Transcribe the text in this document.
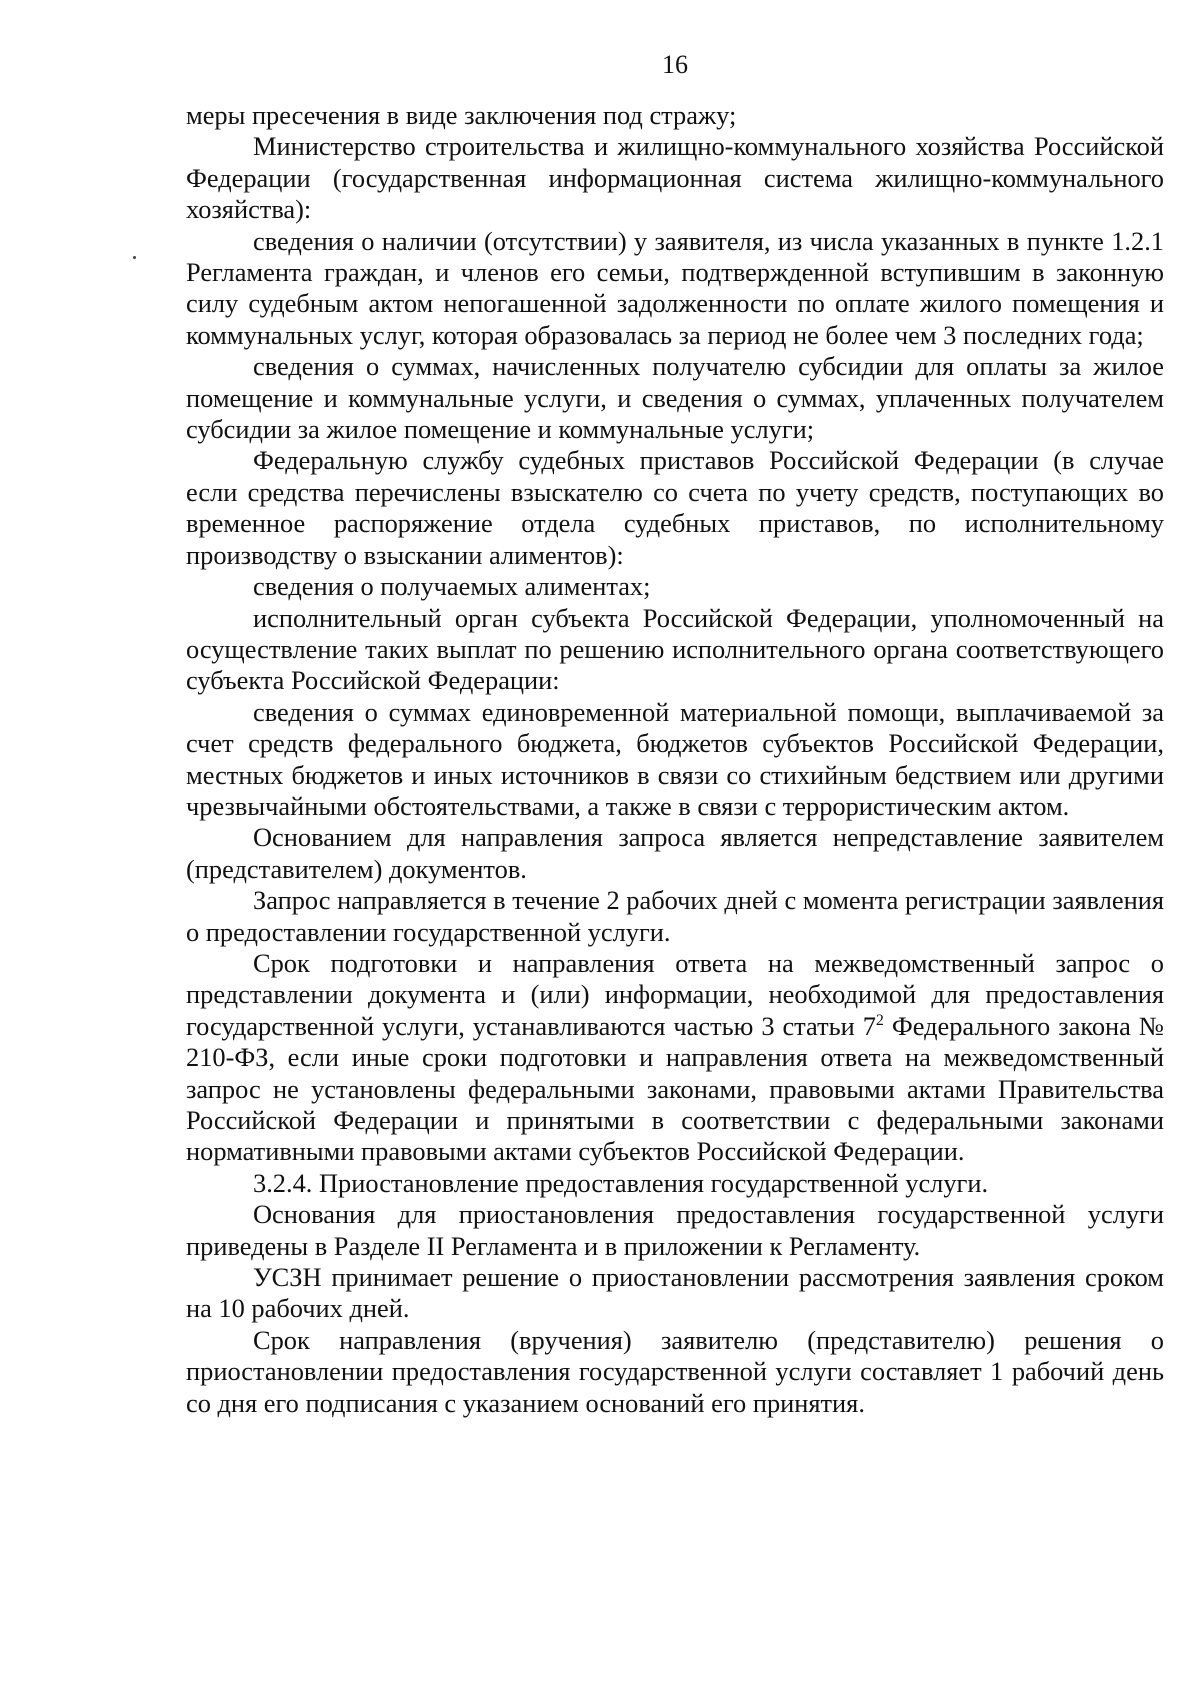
16

меры пресечения в виде заключения под стражу;

Министерство строительства и жилищно-коммунального хозяйства Российской Федерации (государственная информационная система жилищно-коммунального хозяйства):

сведения о наличии (отсутствии) у заявителя, из числа указанных в пункте 1.2.1 Регламента граждан, и членов его семьи, подтвержденной вступившим в законную силу судебным актом непогашенной задолженности по оплате жилого помещения и коммунальных услуг, которая образовалась за период не более чем 3 последних года;

сведения о суммах, начисленных получателю субсидии для оплаты за жилое помещение и коммунальные услуги, и сведения о суммах, уплаченных получателем субсидии за жилое помещение и коммунальные услуги;

Федеральную службу судебных приставов Российской Федерации (в случае если средства перечислены взыскателю со счета по учету средств, поступающих во временное распоряжение отдела судебных приставов, по исполнительному производству о взыскании алиментов):

сведения о получаемых алиментах;

исполнительный орган субъекта Российской Федерации, уполномоченный на осуществление таких выплат по решению исполнительного органа соответствующего субъекта Российской Федерации:

сведения о суммах единовременной материальной помощи, выплачиваемой за счет средств федерального бюджета, бюджетов субъектов Российской Федерации, местных бюджетов и иных источников в связи со стихийным бедствием или другими чрезвычайными обстоятельствами, а также в связи с террористическим актом.

Основанием для направления запроса является непредставление заявителем (представителем) документов.

Запрос направляется в течение 2 рабочих дней с момента регистрации заявления о предоставлении государственной услуги.

Срок подготовки и направления ответа на межведомственный запрос о представлении документа и (или) информации, необходимой для предоставления государственной услуги, устанавливаются частью 3 статьи $7^2$ Федерального закона № 210-ФЗ, если иные сроки подготовки и направления ответа на межведомственный запрос не установлены федеральными законами, правовыми актами Правительства Российской Федерации и принятыми в соответствии с федеральными законами нормативными правовыми актами субъектов Российской Федерации.

3.2.4. Приостановление предоставления государственной услуги.

Основания для приостановления предоставления государственной услуги приведены в Разделе II Регламента и в приложении к Регламенту.

УСЗН принимает решение о приостановлении рассмотрения заявления сроком на 10 рабочих дней.

Срок направления (вручения) заявителю (представителю) решения о приостановлении предоставления государственной услуги составляет 1 рабочий день со дня его подписания с указанием оснований его принятия.
